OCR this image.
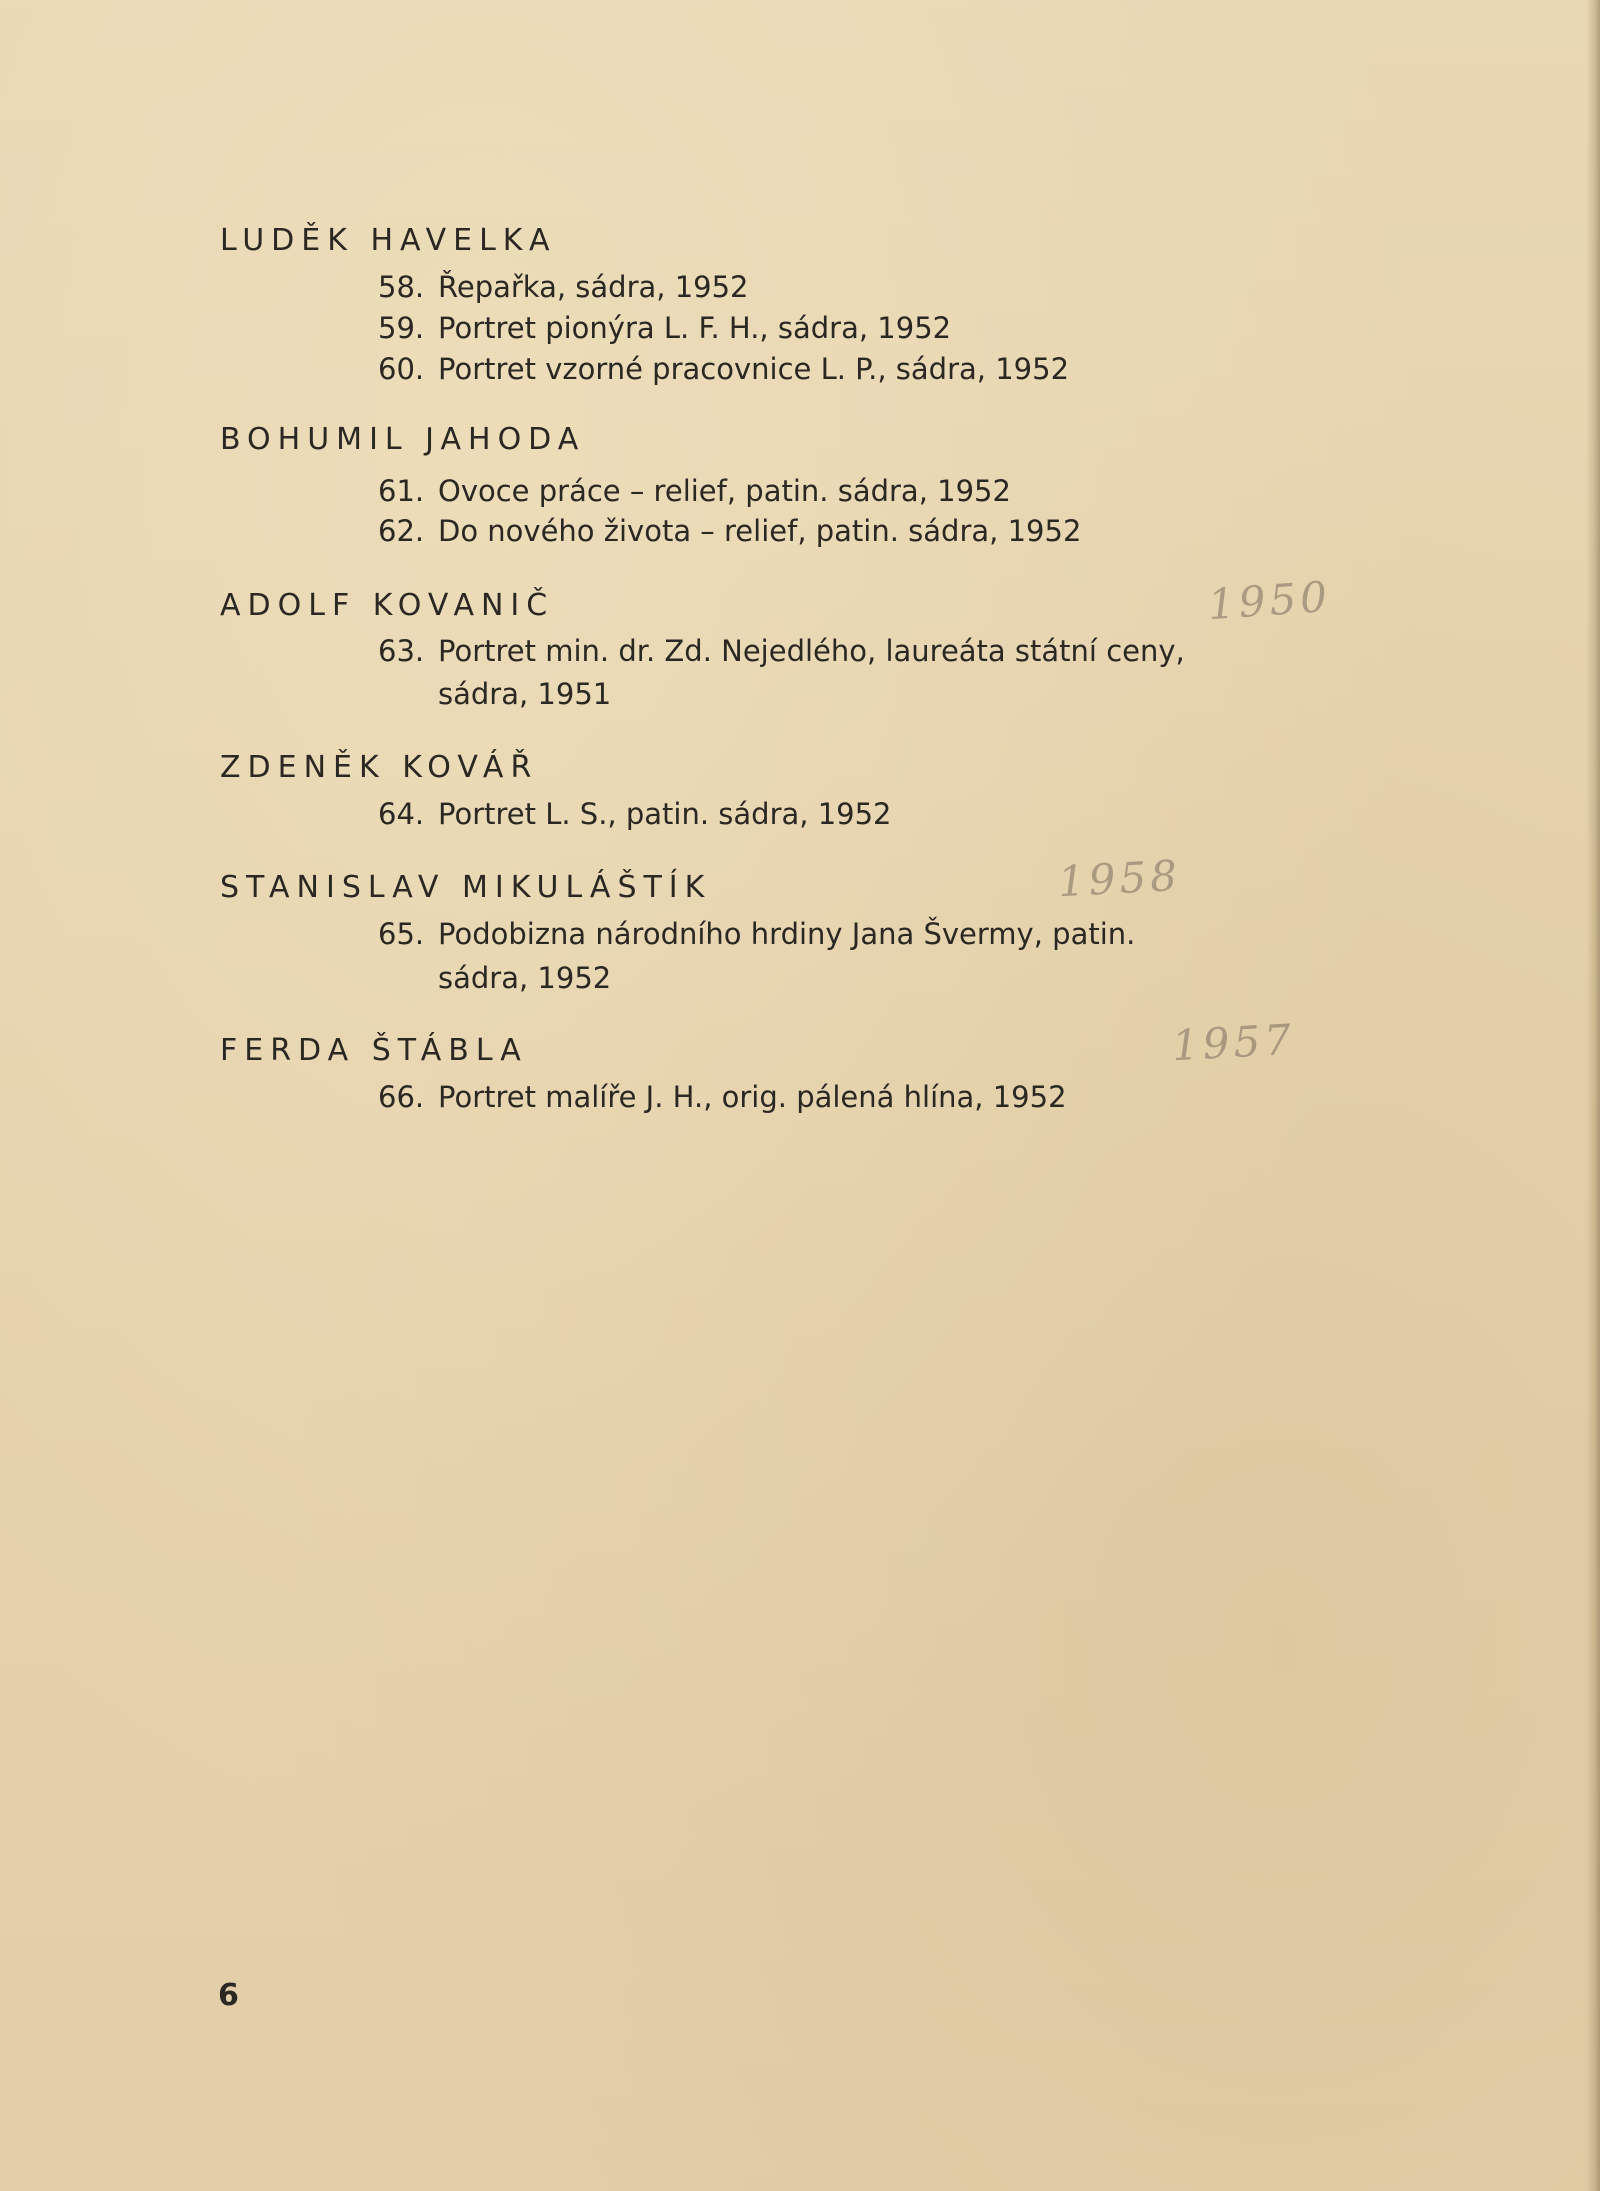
LUDĚK HAVELKA
58. Řepařka, sádra, 1952
59. Portret pionýra L. F. H., sádra, 1952
60. Portret vzorné pracovnice L. P., sádra, 1952
BOHUMIL JAHODA
61. Ovoce práce – relief, patin. sádra, 1952
62. Do nového života – relief, patin. sádra, 1952
ADOLF KOVANIČ
63. Portret min. dr. Zd. Nejedlého, laureáta státní ceny,
sádra, 1951
ZDENĚK KOVÁŘ
64. Portret L. S., patin. sádra, 1952
STANISLAV MIKULÁŠTÍK
65. Podobizna národního hrdiny Jana Švermy, patin.
sádra, 1952
FERDA ŠTÁBLA
66. Portret malíře J. H., orig. pálená hlína, 1952
1950
1958
1957
6
